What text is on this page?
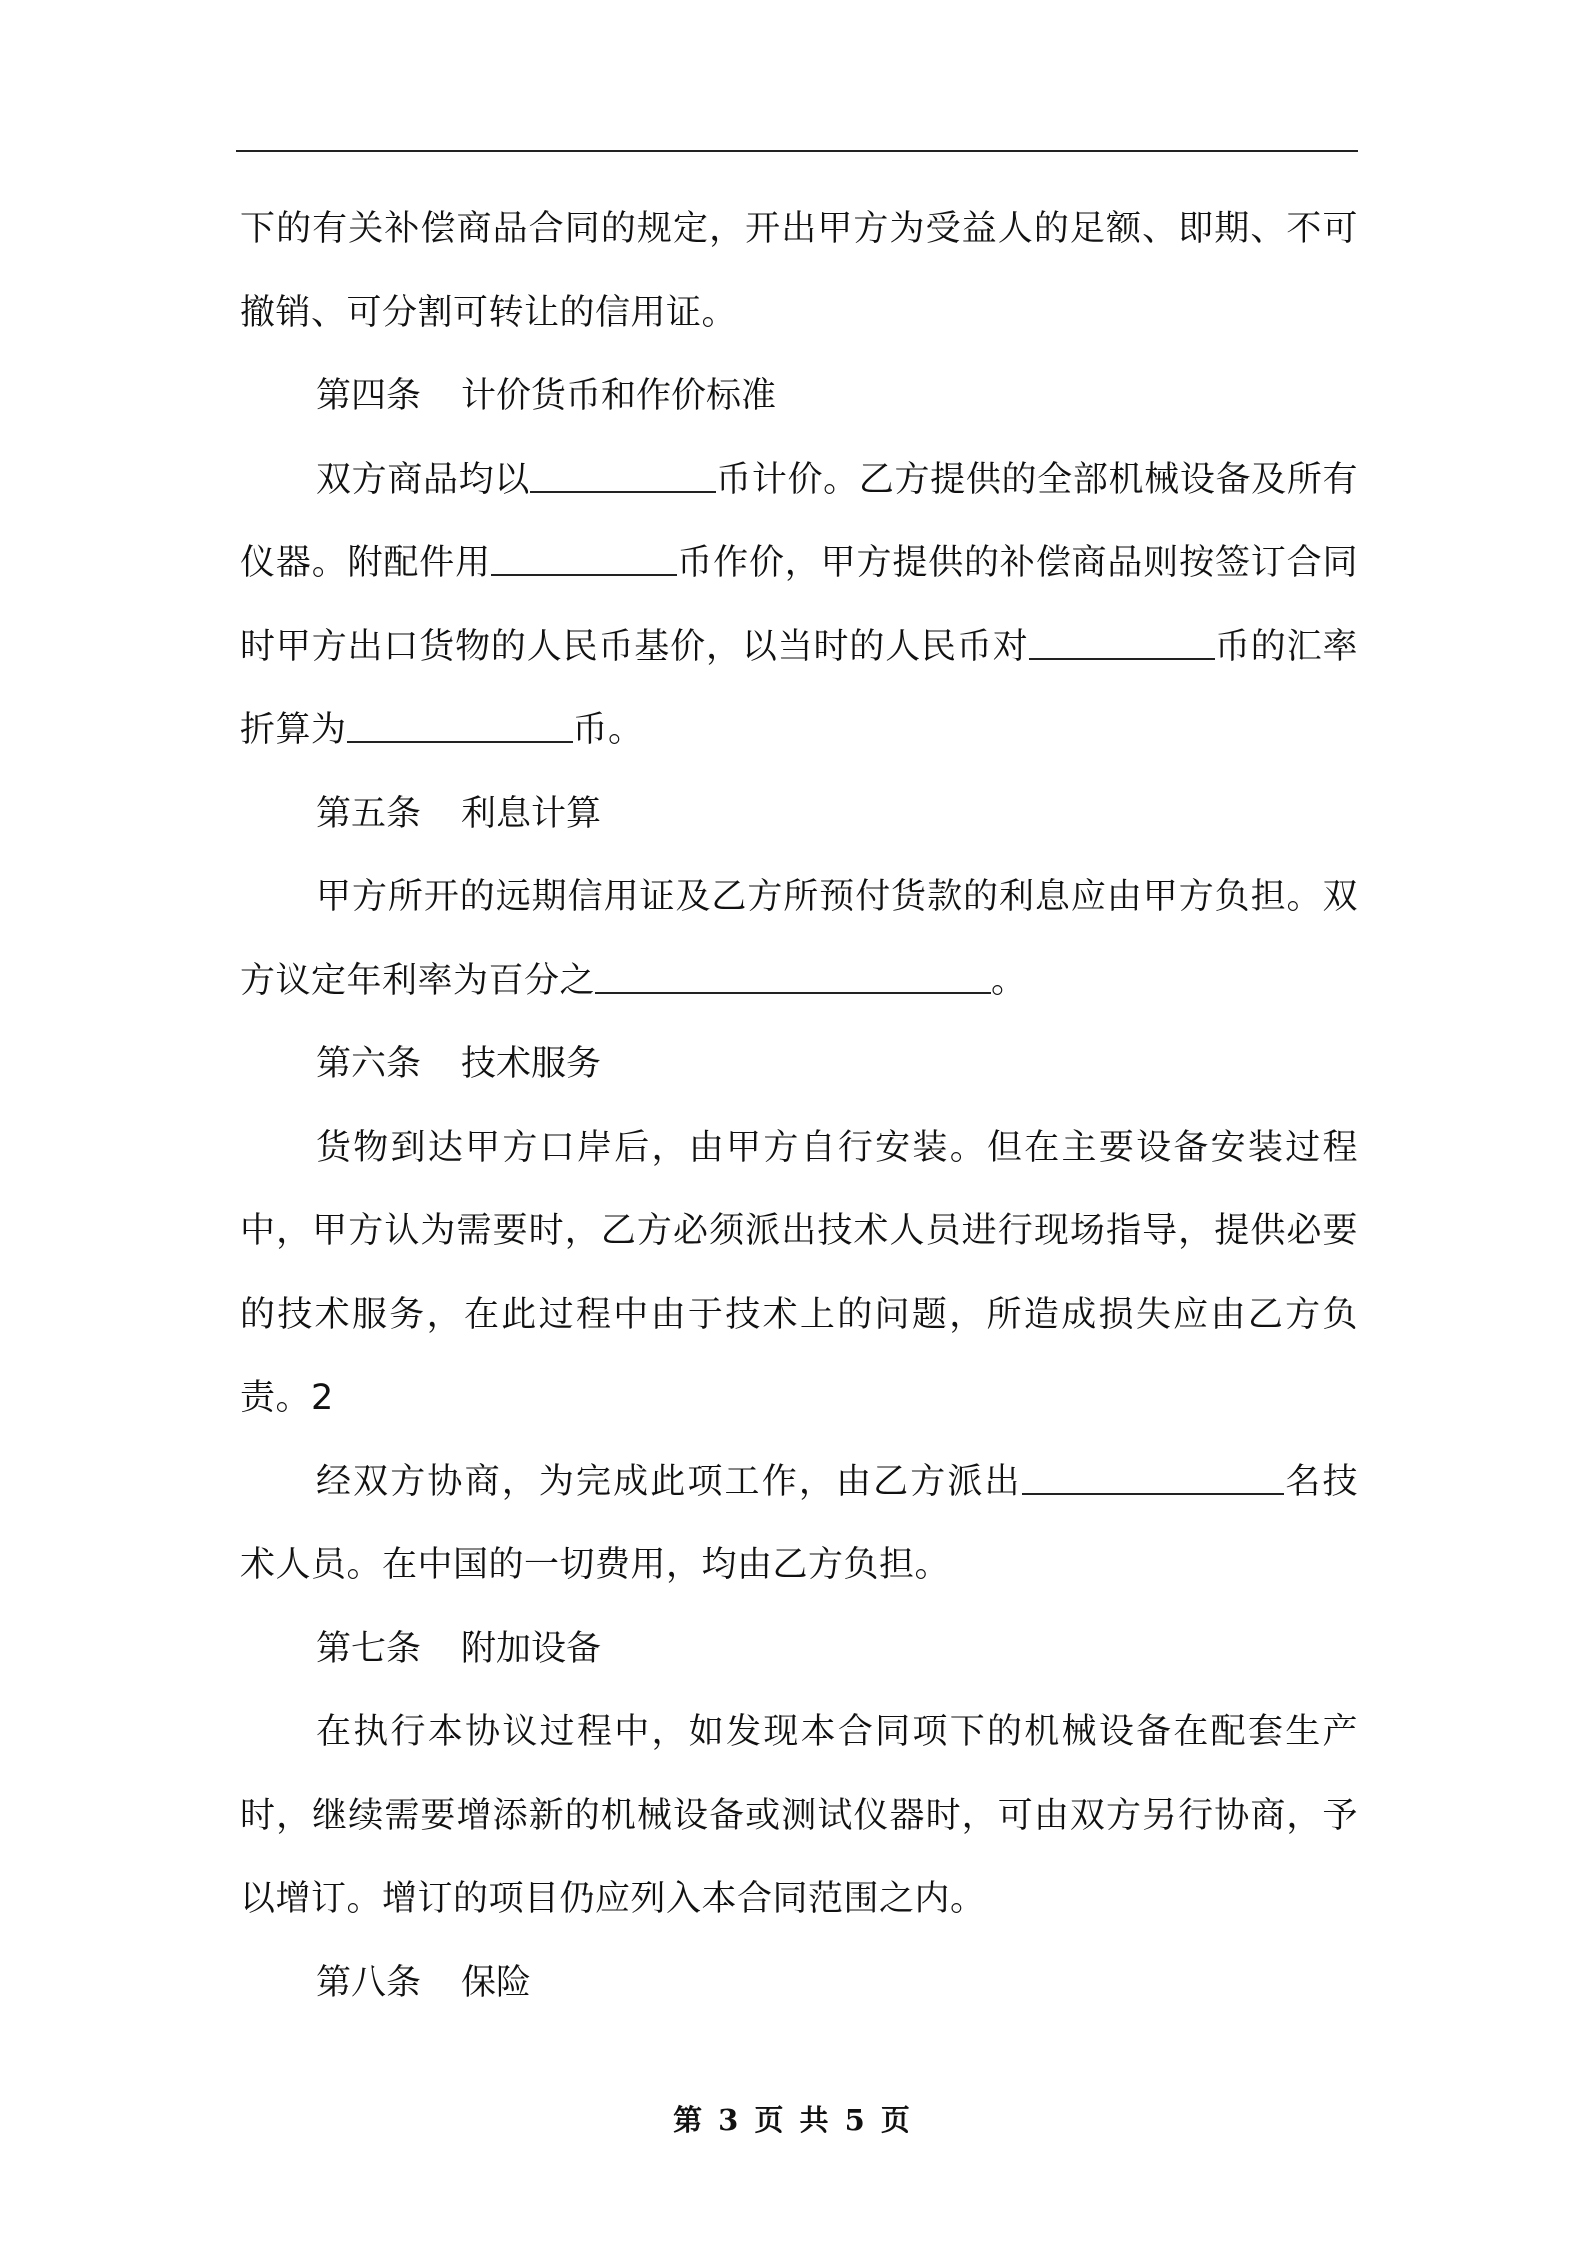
下的有关补偿商品合同的规定，开出甲方为受益人的足额、即期、不可撤销、可分割可转让的信用证。

第四条 计价货币和作价标准

双方商品均以	币计价。乙方提供的全部机械设备及所有仪器。附配件用	币作价，甲方提供的补偿商品则按签订合同时甲方出口货物的人民币基价，以当时的人民币对	币的汇率折算为	币。

第五条 利息计算

甲方所开的远期信用证及乙方所预付货款的利息应由甲方负担。双方议定年利率为百分之	。

第六条 技术服务

货物到达甲方口岸后，由甲方自行安装。但在主要设备安装过程中，甲方认为需要时，乙方必须派出技术人员进行现场指导，提供必要的技术服务，在此过程中由于技术上的问题，所造成损失应由乙方负责。2

经双方协商，为完成此项工作，由乙方派出	名技术人员。在中国的一切费用，均由乙方负担。

第七条 附加设备

在执行本协议过程中，如发现本合同项下的机械设备在配套生产时，继续需要增添新的机械设备或测试仪器时，可由双方另行协商，予以增订。增订的项目仍应列入本合同范围之内。

第八条 保险

第 3 页 共 5 页
